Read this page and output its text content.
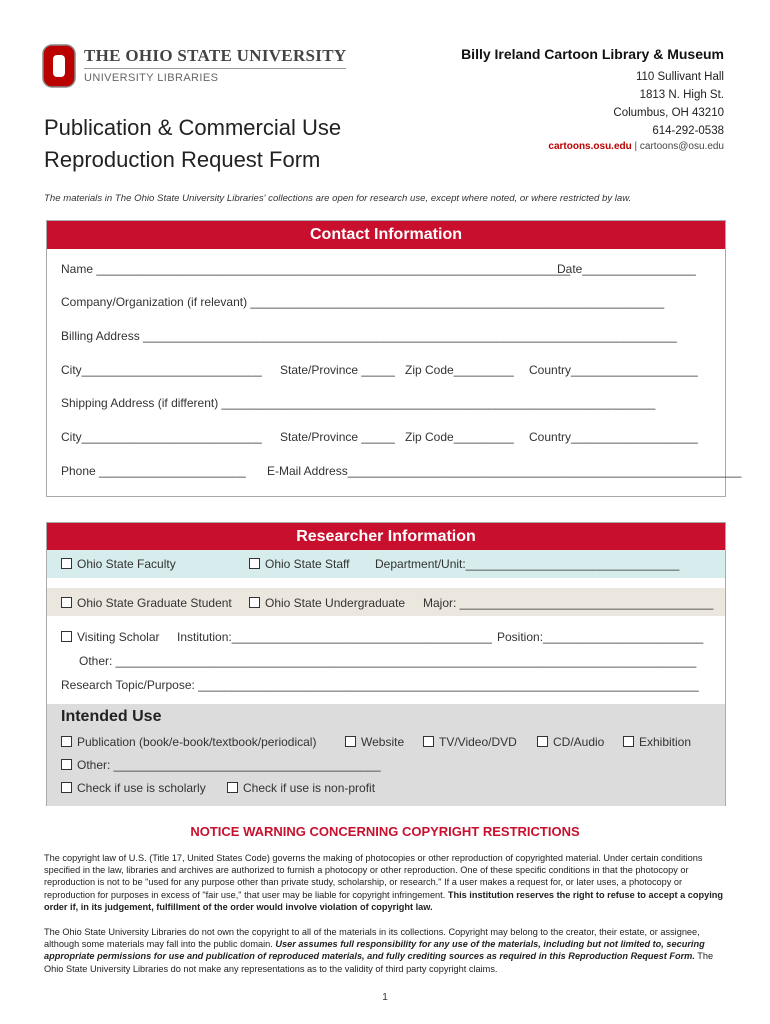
THE OHIO STATE UNIVERSITY
UNIVERSITY LIBRARIES
Billy Ireland Cartoon Library & Museum
110 Sullivant Hall
1813 N. High St.
Columbus, OH 43210
614-292-0538
cartoons.osu.edu | cartoons@osu.edu
Publication & Commercial Use
Reproduction Request Form
The materials in The Ohio State University Libraries' collections are open for research use, except where noted, or where restricted by law.
Contact Information
Name _______________________________________________________________________
Date_________________
Company/Organization (if relevant) ______________________________________________________________
Billing Address ________________________________________________________________________________
City___________________________ State/Province _____ Zip Code_________ Country___________________
Shipping Address (if different) _________________________________________________________________
City___________________________ State/Province _____ Zip Code_________ Country___________________
Phone ______________________ E-Mail Address___________________________________________________________
Researcher Information
Ohio State Faculty	Ohio State Staff Department/Unit:________________________________
Ohio State Graduate Student	Ohio State Undergraduate Major: ______________________________________
Visiting Scholar Institution:_______________________________________ Position:________________________
Other: _______________________________________________________________________________________
Research Topic/Purpose: ___________________________________________________________________________
Intended Use
Publication (book/e-book/textbook/periodical)	Website	TV/Video/DVD	CD/Audio	Exhibition
Other: ________________________________________
Check if use is scholarly	Check if use is non-profit
NOTICE WARNING CONCERNING COPYRIGHT RESTRICTIONS
The copyright law of U.S. (Title 17, United States Code) governs the making of photocopies or other reproduction of copyrighted material. Under certain conditions specified in the law, libraries and archives are authorized to furnish a photocopy or other reproduction. One of these specific conditions in that the photocopy or reproduction is not to be "used for any purpose other than private study, scholarship, or research." If a user makes a request for, or later uses, a photocopy or reproduction for purposes in excess of "fair use," that user may be liable for copyright infringement. This institution reserves the right to refuse to accept a copying order if, in its judgement, fulfillment of the order would involve violation of copyright law.
The Ohio State University Libraries do not own the copyright to all of the materials in its collections. Copyright may belong to the creator, their estate, or assignee, although some materials may fall into the public domain. User assumes full responsibility for any use of the materials, including but not limited to, securing appropriate permissions for use and publication of reproduced materials, and fully crediting sources as required in this Reproduction Request Form. The Ohio State University Libraries do not make any representations as to the validity of third party copyright claims.
1
